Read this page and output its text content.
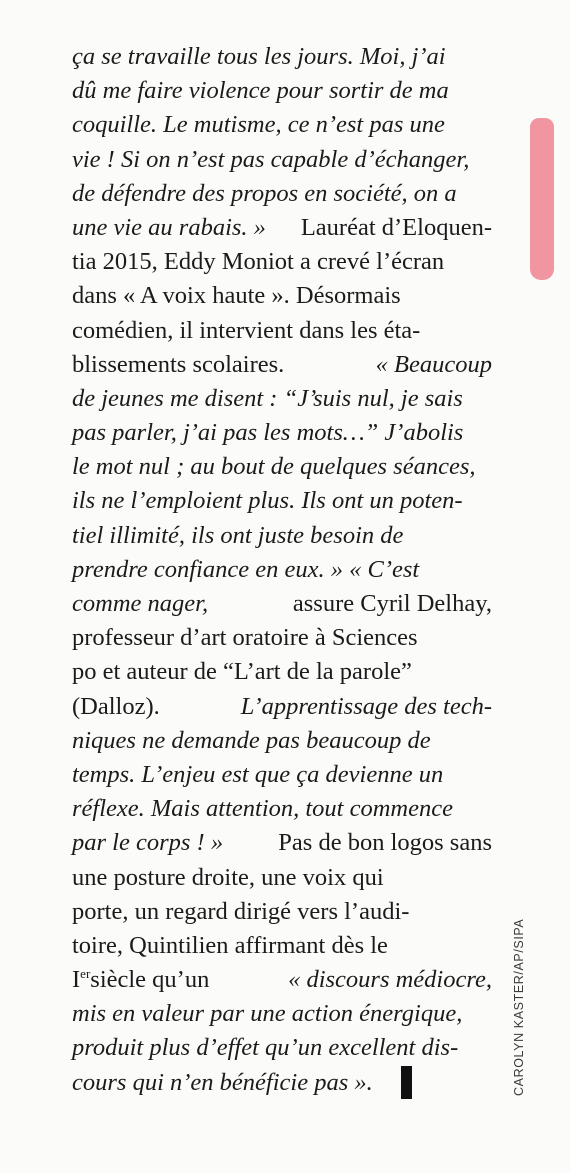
ça se travaille tous les jours. Moi, j’ai
dû me faire violence pour sortir de ma
coquille. Le mutisme, ce n’est pas une
vie ! Si on n’est pas capable d’échanger,
de défendre des propos en société, on a
une vie au rabais. » Lauréat d’Eloquen-
tia 2015, Eddy Moniot a crevé l’écran
dans « A voix haute ». Désormais
comédien, il intervient dans les éta-
blissements scolaires.	« Beaucoup
de jeunes me disent : “J’suis nul, je sais
pas parler, j’ai pas les mots…” J’abolis
le mot nul ; au bout de quelques séances,
ils ne l’emploient plus. Ils ont un poten-
tiel illimité, ils ont juste besoin de
prendre confiance en eux. » « C’est
comme nager,	assure Cyril Delhay,
professeur d’art oratoire à Sciences
po et auteur de “L’art de la parole”
(Dalloz).	L’apprentissage des tech-
niques ne demande pas beaucoup de
temps. L’enjeu est que ça devienne un
réflexe. Mais attention, tout commence
par le corps ! » Pas de bon logos sans
une posture droite, une voix qui
porte, un regard dirigé vers l’audi-
toire, Quintilien affirmant dès le
Iersiècle qu’un	« discours médiocre,
mis en valeur par une action énergique,
produit plus d’effet qu’un excellent dis-
cours qui n’en bénéficie pas ».	CAROLYN KASTER/AP/SIPA
